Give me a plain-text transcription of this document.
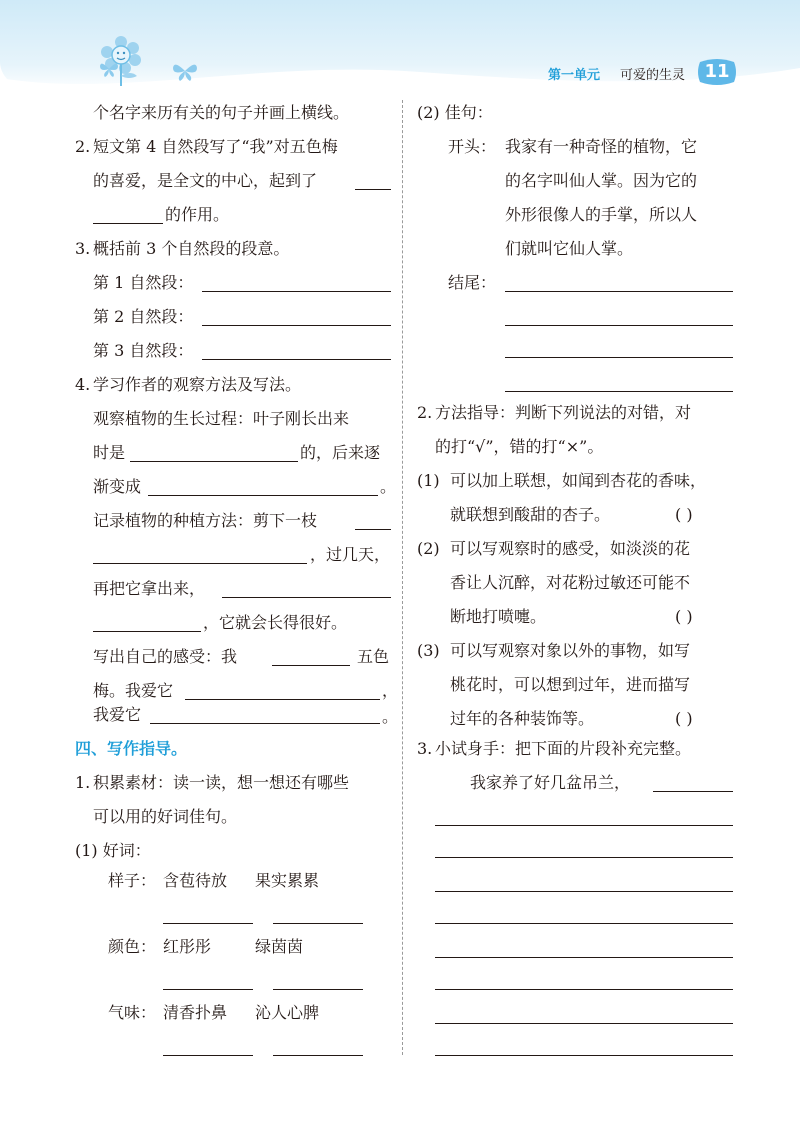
第一单元 可爱的生灵	11
个名字来历有关的句子并画上横线。
2. 短文第 4 自然段写了“我”对五色梅
的喜爱，是全文的中心，起到了
的作用。
3. 概括前 3 个自然段的段意。
第 1 自然段：
第 2 自然段：
第 3 自然段：
4. 学习作者的观察方法及写法。
观察植物的生长过程：叶子刚长出来
时是	的，后来逐
渐变成	。
记录植物的种植方法：剪下一枝
，过几天，
再把它拿出来，
，它就会长得很好。
写出自己的感受：我	五色
梅。我爱它	，
我爱它	。
四、写作指导。
1. 积累素材：读一读，想一想还有哪些
可以用的好词佳句。
(1) 好词：
样子： 含苞待放 果实累累
颜色： 红彤彤	绿茵茵
气味： 清香扑鼻 沁人心脾
(2) 佳句：
开头： 我家有一种奇怪的植物，它
的名字叫仙人掌。因为它的
外形很像人的手掌，所以人
们就叫它仙人掌。
结尾：
2. 方法指导：判断下列说法的对错，对
的打“√”，错的打“×”。
(1) 可以加上联想，如闻到杏花的香味，
就联想到酸甜的杏子。	( )
(2) 可以写观察时的感受，如淡淡的花
香让人沉醉，对花粉过敏还可能不
断地打喷嚏。	( )
(3) 可以写观察对象以外的事物，如写
桃花时，可以想到过年，进而描写
过年的各种装饰等。	( )
3. 小试身手：把下面的片段补充完整。
我家养了好几盆吊兰，
